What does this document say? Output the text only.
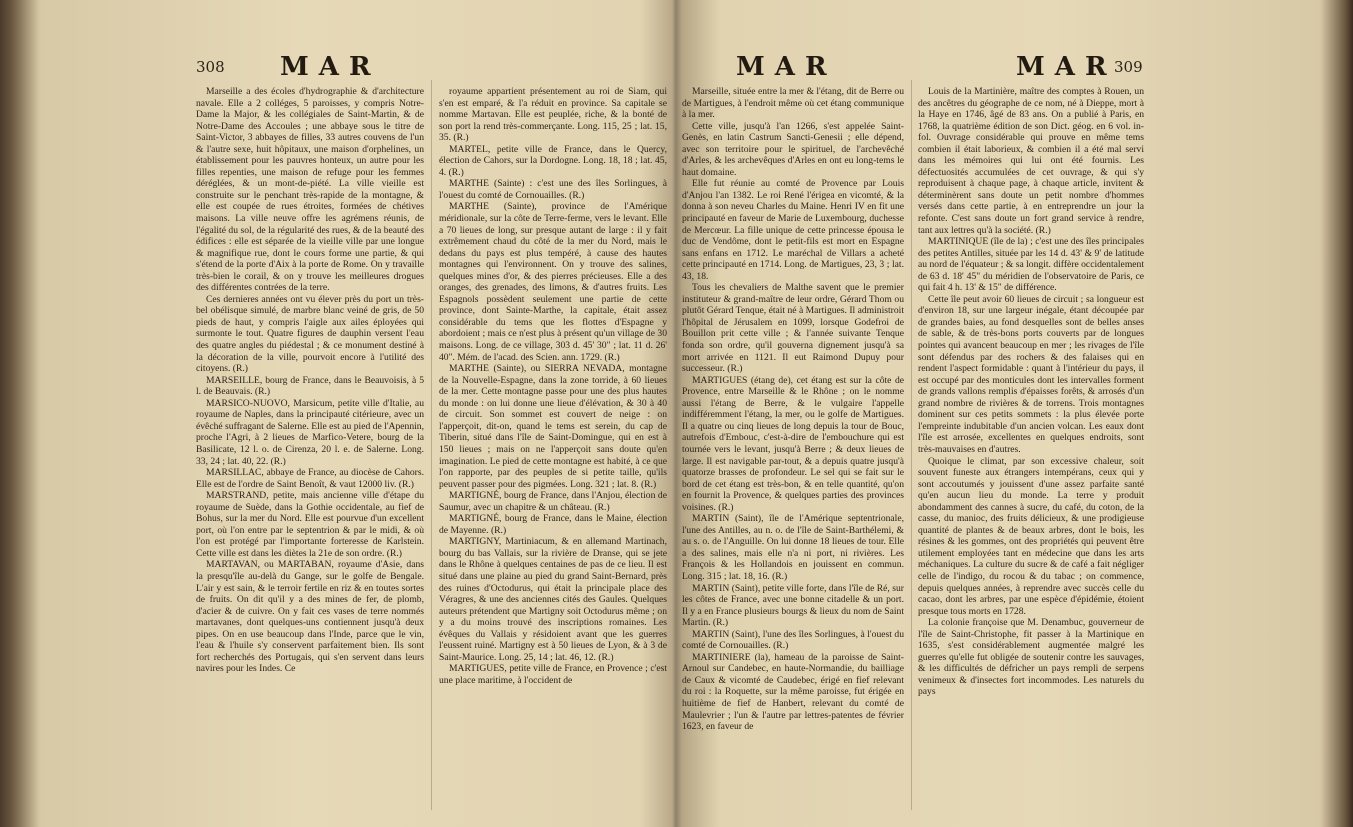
308 MAR

Marseille a des écoles d'hydrographie & d'architecture navale. Elle a 2 colléges, 5 paroisses, y compris Notre-Dame la Major, & les collégiales de Saint-Martin, & de Notre-Dame des Accoules ; une abbaye sous le titre de Saint-Victor, 3 abbayes de filles, 33 autres couvens de l'un & l'autre sexe, huit hôpitaux, une maison d'orphelines, un établissement pour les pauvres honteux, un autre pour les filles repenties, une maison de refuge pour les femmes déréglées, & un mont-de-piété. La ville vieille est construite sur le penchant très-rapide de la montagne, & elle est coupée de rues étroites, formées de chétives maisons. La ville neuve offre les agrémens réunis, de l'égalité du sol, de la régularité des rues, & de la beauté des édifices : elle est séparée de la vieille ville par une longue & magnifique rue, dont le cours forme une partie, & qui s'étend de la porte d'Aix à la porte de Rome. On y travaille très-bien le corail, & on y trouve les meilleures drogues des différentes contrées de la terre.

Ces dernieres années ont vu élever près du port un très-bel obélisque simulé, de marbre blanc veiné de gris, de 50 pieds de haut, y compris l'aigle aux ailes éployées qui surmonte le tout. Quatre figures de dauphin versent l'eau des quatre angles du piédestal ; & ce monument destiné à la décoration de la ville, pourvoit encore à l'utilité des citoyens. (R.)

MARSEILLE, bourg de France, dans le Beauvoisis, à 5 l. de Beauvais. (R.)

MARSICO-NUOVO, Marsicum, petite ville d'Italie, au royaume de Naples, dans la principauté citérieure, avec un évêché suffragant de Salerne. Elle est au pied de l'Apennin, proche l'Agri, à 2 lieues de Marfico-Vetere, bourg de la Basilicate, 12 l. o. de Cirenza, 20 l. e. de Salerne. Long. 33, 24 ; lat. 40, 22. (R.)

MARSILLAC, abbaye de France, au diocèse de Cahors. Elle est de l'ordre de Saint Benoît, & vaut 12000 liv. (R.)

MARSTRAND, petite, mais ancienne ville d'étape du royaume de Suède, dans la Gothie occidentale, au fief de Bohus, sur la mer du Nord. Elle est pourvue d'un excellent port, où l'on entre par le septentrion & par le midi, & où l'on est protégé par l'importante forteresse de Karlstein. Cette ville est dans les diètes la 21e de son ordre. (R.)

MARTAVAN, ou MARTABAN, royaume d'Asie, dans la presqu'île au-delà du Gange, sur le golfe de Bengale. L'air y est sain, & le terroir fertile en riz & en toutes sortes de fruits. On dit qu'il y a des mines de fer, de plomb, d'acier & de cuivre. On y fait ces vases de terre nommés martavanes, dont quelques-uns contiennent jusqu'à deux pipes. On en use beaucoup dans l'Inde, parce que le vin, l'eau & l'huile s'y conservent parfaitement bien. Ils sont fort recherchés des Portugais, qui s'en servent dans leurs navires pour les Indes. Ce

royaume appartient présentement au roi de Siam, qui s'en est emparé, & l'a réduit en province. Sa capitale se nomme Martavan. Elle est peuplée, riche, & la bonté de son port la rend très-commerçante. Long. 115, 25 ; lat. 15, 35. (R.)

MARTEL, petite ville de France, dans le Quercy, élection de Cahors, sur la Dordogne. Long. 18, 18 ; lat. 45, 4. (R.)

MARTHE (Sainte) : c'est une des îles Sorlingues, à l'ouest du comté de Cornouailles. (R.)

MARTHE (Sainte), province de l'Amérique méridionale, sur la côte de Terre-ferme, vers le levant. Elle a 70 lieues de long, sur presque autant de large : il y fait extrêmement chaud du côté de la mer du Nord, mais le dedans du pays est plus tempéré, à cause des hautes montagnes qui l'environnent. On y trouve des salines, quelques mines d'or, & des pierres précieuses. Elle a des oranges, des grenades, des limons, & d'autres fruits. Les Espagnols possèdent seulement une partie de cette province, dont Sainte-Marthe, la capitale, était assez considérable du tems que les flottes d'Espagne y abordoient ; mais ce n'est plus à présent qu'un village de 30 maisons. Long. de ce village, 303 d. 45' 30" ; lat. 11 d. 26' 40". Mém. de l'acad. des Scien. ann. 1729. (R.)

MARTHE (Sainte), ou SIERRA NEVADA, montagne de la Nouvelle-Espagne, dans la zone torride, à 60 lieues de la mer. Cette montagne passe pour une des plus hautes du monde : on lui donne une lieue d'élévation, & 30 à 40 de circuit. Son sommet est couvert de neige : on l'apperçoit, dit-on, quand le tems est serein, du cap de Tiberin, situé dans l'île de Saint-Domingue, qui en est à 150 lieues ; mais on ne l'apperçoit sans doute qu'en imagination. Le pied de cette montagne est habité, à ce que l'on rapporte, par des peuples de si petite taille, qu'ils peuvent passer pour des pigmées. Long. 321 ; lat. 8. (R.)

MARTIGNÉ, bourg de France, dans l'Anjou, élection de Saumur, avec un chapitre & un château. (R.)

MARTIGNÉ, bourg de France, dans le Maine, élection de Mayenne. (R.)

MARTIGNY, Martiniacum, & en allemand Martinach, bourg du bas Vallais, sur la rivière de Dranse, qui se jete dans le Rhône à quelques centaines de pas de ce lieu. Il est situé dans une plaine au pied du grand Saint-Bernard, près des ruines d'Octodurus, qui était la principale place des Véragres, & une des anciennes cités des Gaules. Quelques auteurs prétendent que Martigny soit Octodurus même ; on y a du moins trouvé des inscriptions romaines. Les évêques du Vallais y résidoient avant que les guerres l'eussent ruiné. Martigny est à 50 lieues de Lyon, & à 3 de Saint-Maurice. Long. 25, 14 ; lat. 46, 12. (R.)

MARTIGUES, petite ville de France, en Provence ; c'est une place maritime, à l'occident de

MAR	MAR
309

Marseille, située entre la mer & l'étang, dit de Berre ou de Martigues, à l'endroit même où cet étang communique à la mer.

Cette ville, jusqu'à l'an 1266, s'est appelée Saint-Genès, en latin Castrum Sancti-Genesii ; elle dépend, avec son territoire pour le spirituel, de l'archevêché d'Arles, & les archevêques d'Arles en ont eu long-tems le haut domaine.

Elle fut réunie au comté de Provence par Louis d'Anjou l'an 1382. Le roi René l'érigea en vicomté, & la donna à son neveu Charles du Maine. Henri IV en fit une principauté en faveur de Marie de Luxembourg, duchesse de Mercœur. La fille unique de cette princesse épousa le duc de Vendôme, dont le petit-fils est mort en Espagne sans enfans en 1712. Le maréchal de Villars a acheté cette principauté en 1714. Long. de Martigues, 23, 3 ; lat. 43, 18.

Tous les chevaliers de Malthe savent que le premier instituteur & grand-maître de leur ordre, Gérard Thom ou plutôt Gérard Tenque, était né à Martigues. Il administroit l'hôpital de Jérusalem en 1099, lorsque Godefroi de Bouillon prit cette ville ; & l'année suivante Tenque fonda son ordre, qu'il gouverna dignement jusqu'à sa mort arrivée en 1121. Il eut Raimond Dupuy pour successeur. (R.)

MARTIGUES (étang de), cet étang est sur la côte de Provence, entre Marseille & le Rhône ; on le nomme aussi l'étang de Berre, & le vulgaire l'appelle indifféremment l'étang, la mer, ou le golfe de Martigues. Il a quatre ou cinq lieues de long depuis la tour de Bouc, autrefois d'Embouc, c'est-à-dire de l'embouchure qui est tournée vers le levant, jusqu'à Berre ; & deux lieues de large. Il est navigable par-tout, & a depuis quatre jusqu'à quatorze brasses de profondeur. Le sel qui se fait sur le bord de cet étang est très-bon, & en telle quantité, qu'on en fournit la Provence, & quelques parties des provinces voisines. (R.)

MARTIN (Saint), île de l'Amérique septentrionale, l'une des Antilles, au n. o. de l'île de Saint-Barthélemi, & au s. o. de l'Anguille. On lui donne 18 lieues de tour. Elle a des salines, mais elle n'a ni port, ni rivières. Les François & les Hollandois en jouissent en commun. Long. 315 ; lat. 18, 16. (R.)

MARTIN (Saint), petite ville forte, dans l'île de Ré, sur les côtes de France, avec une bonne citadelle & un port. Il y a en France plusieurs bourgs & lieux du nom de Saint Martin. (R.)

MARTIN (Saint), l'une des îles Sorlingues, à l'ouest du comté de Cornouailles. (R.)

MARTINIERE (la), hameau de la paroisse de Saint-Arnoul sur Candebec, en haute-Normandie, du bailliage de Caux & vicomté de Caudebec, érigé en fief relevant du roi : la Roquette, sur la même paroisse, fut érigée en huitième de fief de Hanbert, relevant du comté de Maulevrier ; l'un & l'autre par lettres-patentes de février 1623, en faveur de

Louis de la Martinière, maître des comptes à Rouen, un des ancêtres du géographe de ce nom, né à Dieppe, mort à la Haye en 1746, âgé de 83 ans. On a publié à Paris, en 1768, la quatrième édition de son Dict. géog. en 6 vol. in-fol. Ouvrage considérable qui prouve en même tems combien il était laborieux, & combien il a été mal servi dans les mémoires qui lui ont été fournis. Les défectuosités accumulées de cet ouvrage, & qui s'y reproduisent à chaque page, à chaque article, invitent & déterminèrent sans doute un petit nombre d'hommes versés dans cette partie, à en entreprendre un jour la refonte. C'est sans doute un fort grand service à rendre, tant aux lettres qu'à la société. (R.)

MARTINIQUE (île de la) ; c'est une des îles principales des petites Antilles, située par les 14 d. 43' & 9' de latitude au nord de l'équateur ; & sa longit. diffère occidentalement de 63 d. 18' 45" du méridien de l'observatoire de Paris, ce qui fait 4 h. 13' & 15" de différence.

Cette île peut avoir 60 lieues de circuit ; sa longueur est d'environ 18, sur une largeur inégale, étant découpée par de grandes baies, au fond desquelles sont de belles anses de sable, & de très-bons ports couverts par de longues pointes qui avancent beaucoup en mer ; les rivages de l'île sont défendus par des rochers & des falaises qui en rendent l'aspect formidable : quant à l'intérieur du pays, il est occupé par des monticules dont les intervalles forment de grands vallons remplis d'épaisses forêts, & arrosés d'un grand nombre de rivières & de torrens. Trois montagnes dominent sur ces petits sommets : la plus élevée porte l'empreinte indubitable d'un ancien volcan. Les eaux dont l'île est arrosée, excellentes en quelques endroits, sont très-mauvaises en d'autres.

Quoique le climat, par son excessive chaleur, soit souvent funeste aux étrangers intempérans, ceux qui y sont accoutumés y jouissent d'une assez parfaite santé qu'en aucun lieu du monde. La terre y produit abondamment des cannes à sucre, du café, du coton, de la casse, du manioc, des fruits délicieux, & une prodigieuse quantité de plantes & de beaux arbres, dont le bois, les résines & les gommes, ont des propriétés qui peuvent être utilement employées tant en médecine que dans les arts méchaniques. La culture du sucre & de café a fait négliger celle de l'indigo, du rocou & du tabac ; on commence, depuis quelques années, à reprendre avec succès celle du cacao, dont les arbres, par une espèce d'épidémie, étoient presque tous morts en 1728.

La colonie françoise que M. Denambuc, gouverneur de l'île de Saint-Christophe, fit passer à la Martinique en 1635, s'est considérablement augmentée malgré les guerres qu'elle fut obligée de soutenir contre les sauvages, & les difficultés de défricher un pays rempli de serpens venimeux & d'insectes fort incommodes. Les naturels du pays
